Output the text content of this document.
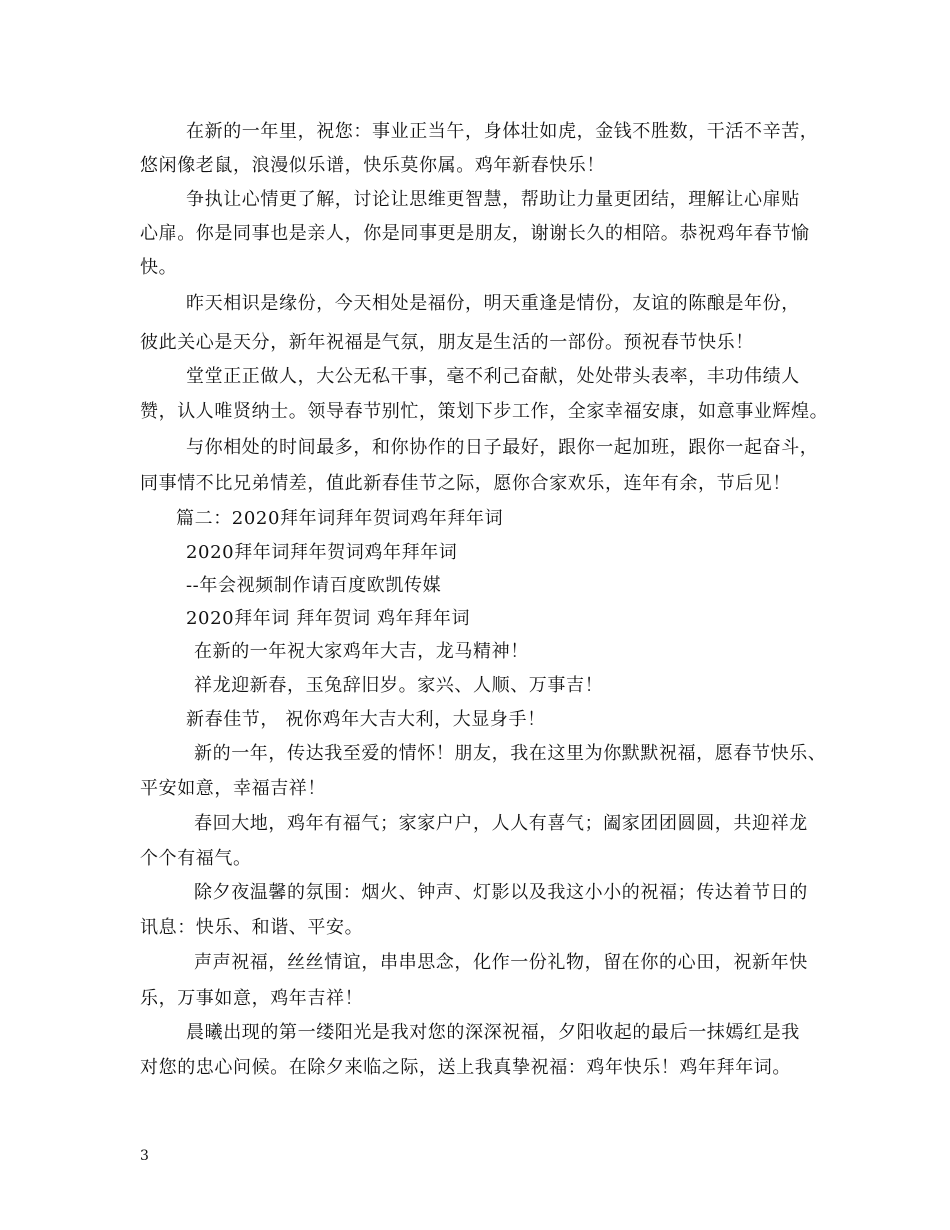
在新的一年里，祝您：事业正当午，身体壮如虎，金钱不胜数，干活不辛苦，
悠闲像老鼠，浪漫似乐谱，快乐莫你属。鸡年新春快乐！
争执让心情更了解，讨论让思维更智慧，帮助让力量更团结，理解让心扉贴
心扉。你是同事也是亲人，你是同事更是朋友，谢谢长久的相陪。恭祝鸡年春节愉
快。
昨天相识是缘份，今天相处是福份，明天重逢是情份，友谊的陈酿是年份，
彼此关心是天分，新年祝福是气氛，朋友是生活的一部份。预祝春节快乐！
堂堂正正做人，大公无私干事，毫不利己奋献，处处带头表率，丰功伟绩人
赞，认人唯贤纳士。领导春节别忙，策划下步工作，全家幸福安康，如意事业辉煌。
与你相处的时间最多，和你协作的日子最好，跟你一起加班，跟你一起奋斗，
同事情不比兄弟情差，值此新春佳节之际，愿你合家欢乐，连年有余，节后见！
篇二：2020拜年词拜年贺词鸡年拜年词
2020拜年词拜年贺词鸡年拜年词
--年会视频制作请百度欧凯传媒
2020拜年词 拜年贺词 鸡年拜年词
在新的一年祝大家鸡年大吉，龙马精神！
祥龙迎新春，玉兔辞旧岁。家兴、人顺、万事吉！
新春佳节， 祝你鸡年大吉大利，大显身手！
新的一年，传达我至爱的情怀！朋友，我在这里为你默默祝福，愿春节快乐、
平安如意，幸福吉祥！
春回大地，鸡年有福气；家家户户，人人有喜气；阖家团团圆圆，共迎祥龙
个个有福气。
除夕夜温馨的氛围：烟火、钟声、灯影以及我这小小的祝福；传达着节日的
讯息：快乐、和谐、平安。
声声祝福，丝丝情谊，串串思念，化作一份礼物，留在你的心田，祝新年快
乐，万事如意，鸡年吉祥！
晨曦出现的第一缕阳光是我对您的深深祝福，夕阳收起的最后一抹嫣红是我
对您的忠心问候。在除夕来临之际，送上我真挚祝福：鸡年快乐！鸡年拜年词。
3
